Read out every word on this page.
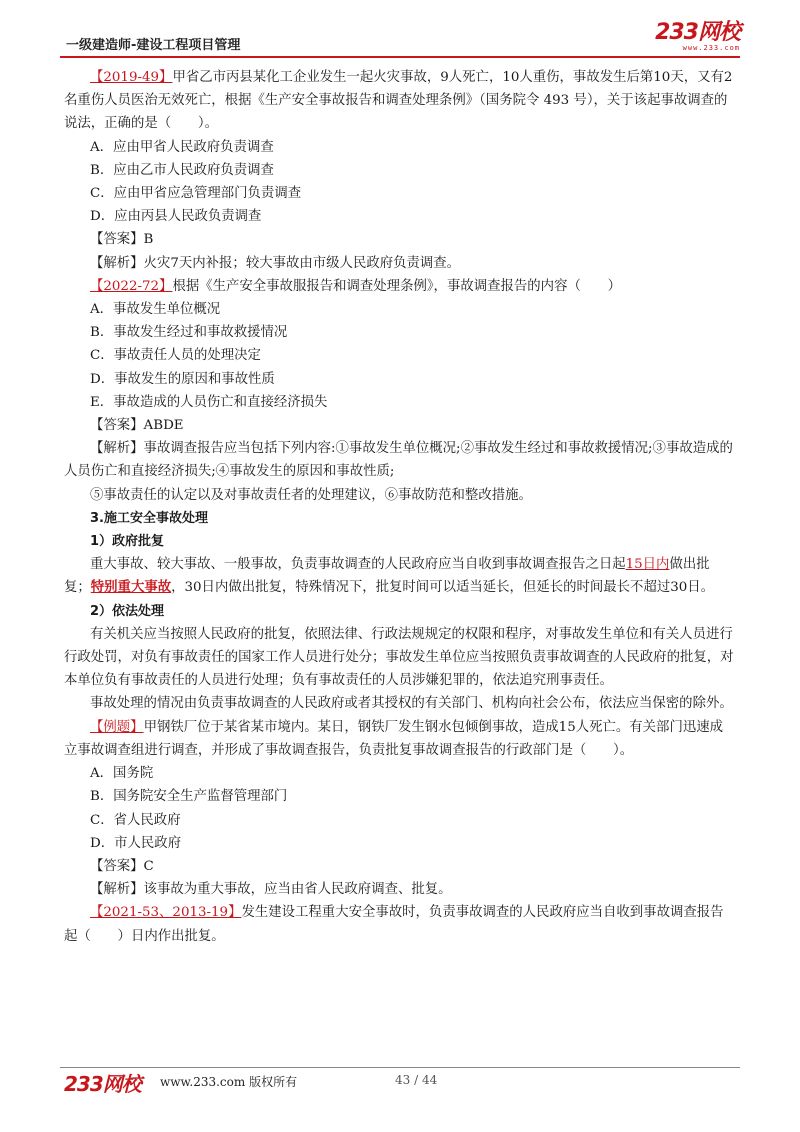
一级建造师-建设工程项目管理
233网校
www.233.com

【2019-49】甲省乙市丙县某化工企业发生一起火灾事故，9人死亡，10人重伤，事故发生后第10天，又有2名重伤人员医治无效死亡，根据《生产安全事故报告和调查处理条例》（国务院令 493 号），关于该起事故调查的说法，正确的是（　　）。

A．应由甲省人民政府负责调查

B．应由乙市人民政府负责调查

C．应由甲省应急管理部门负责调查

D．应由丙县人民政负责调查

【答案】B

【解析】火灾7天内补报；较大事故由市级人民政府负责调查。

【2022-72】根据《生产安全事故服报告和调查处理条例》，事故调查报告的内容（　　）

A．事故发生单位概况

B．事故发生经过和事故救援情况

C．事故责任人员的处理决定

D．事故发生的原因和事故性质

E．事故造成的人员伤亡和直接经济损失

【答案】ABDE

【解析】事故调查报告应当包括下列内容:①事故发生单位概况;②事故发生经过和事故救援情况;③事故造成的人员伤亡和直接经济损失;④事故发生的原因和事故性质;

⑤事故责任的认定以及对事故责任者的处理建议，⑥事故防范和整改措施。

3.施工安全事故处理

1）政府批复

重大事故、较大事故、一般事故，负责事故调查的人民政府应当自收到事故调查报告之日起15日内做出批复；特别重大事故，30日内做出批复，特殊情况下，批复时间可以适当延长，但延长的时间最长不超过30日。

2）依法处理

有关机关应当按照人民政府的批复，依照法律、行政法规规定的权限和程序，对事故发生单位和有关人员进行行政处罚，对负有事故责任的国家工作人员进行处分；事故发生单位应当按照负责事故调查的人民政府的批复，对本单位负有事故责任的人员进行处理；负有事故责任的人员涉嫌犯罪的，依法追究刑事责任。

事故处理的情况由负责事故调查的人民政府或者其授权的有关部门、机构向社会公布，依法应当保密的除外。

【例题】甲钢铁厂位于某省某市境内。某日，钢铁厂发生钢水包倾倒事故，造成15人死亡。有关部门迅速成立事故调查组进行调查，并形成了事故调查报告，负责批复事故调查报告的行政部门是（　　）。

A．国务院

B．国务院安全生产监督管理部门

C．省人民政府

D．市人民政府

【答案】C

【解析】该事故为重大事故，应当由省人民政府调查、批复。

【2021-53、2013-19】发生建设工程重大安全事故时，负责事故调查的人民政府应当自收到事故调查报告起（　　）日内作出批复。

233网校 www.233.com 版权所有	43 / 44
